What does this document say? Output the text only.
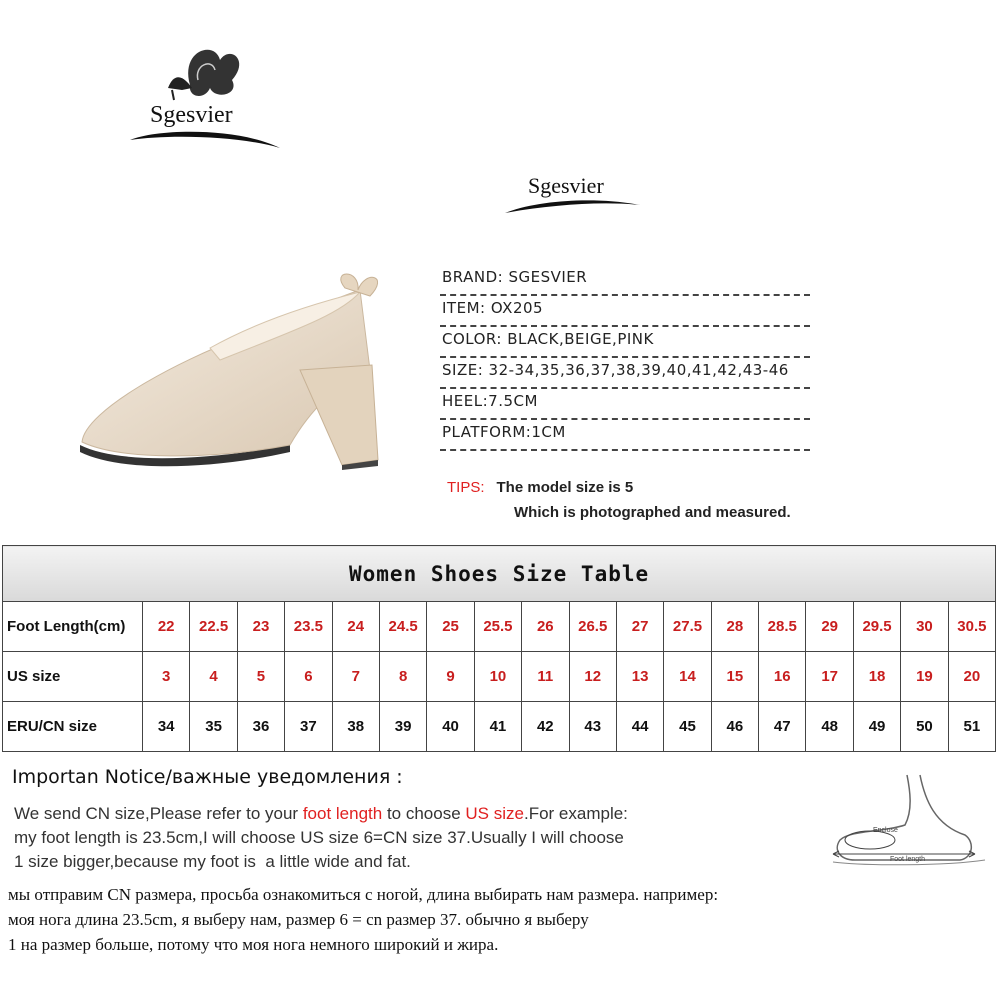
Sgesvier
Sgesvier
BRAND: SGESVIER
ITEM: OX205
COLOR: BLACK,BEIGE,PINK
SIZE: 32-34,35,36,37,38,39,40,41,42,43-46
HEEL:7.5CM
PLATFORM:1CM
TIPS: The model size is 5
Which is photographed and measured.
Women Shoes Size Table																		
Foot Length(cm)	22	22.5	23	23.5	24	24.5	25	25.5	26	26.5	27	27.5	28	28.5	29	29.5	30	30.5
US size	3	4	5	6	7	8	9	10	11	12	13	14	15	16	17	18	19	20
ERU/CN size	34	35	36	37	38	39	40	41	42	43	44	45	46	47	48	49	50	51
Importan Notice/важные уведомления :
We send CN size,Please refer to your foot length to choose US size.For example:
my foot length is 23.5cm,I will choose US size 6=CN size 37.Usually I will choose
1 size bigger,because my foot is  a little wide and fat.
мы отправим CN размера, просьба ознакомиться с ногой, длина выбирать нам размера. например:
моя нога длина 23.5cm, я выберу нам, размер 6 = cn размер 37. обычно я выберу
1 на размер больше, потому что моя нога немного широкий и жира.
Enclose
Foot length
